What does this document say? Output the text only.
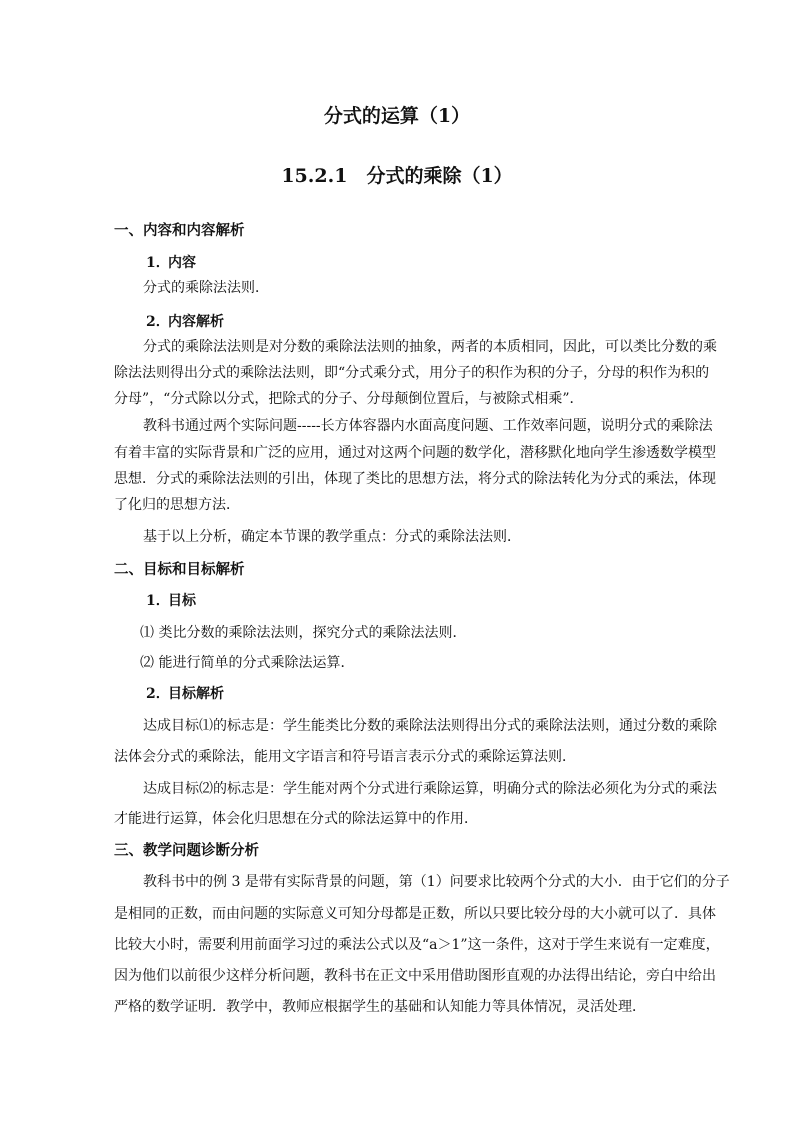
分式的运算（1）
15.2.1　分式的乘除（1）
一、内容和内容解析
1．内容
分式的乘除法法则．
2．内容解析
分式的乘除法法则是对分数的乘除法法则的抽象，两者的本质相同，因此，可以类比分数的乘
除法法则得出分式的乘除法法则，即“分式乘分式，用分子的积作为积的分子，分母的积作为积的
分母”，“分式除以分式，把除式的分子、分母颠倒位置后，与被除式相乘”．
教科书通过两个实际问题-----长方体容器内水面高度问题、工作效率问题，说明分式的乘除法
有着丰富的实际背景和广泛的应用，通过对这两个问题的数学化，潜移默化地向学生渗透数学模型
思想．分式的乘除法法则的引出，体现了类比的思想方法，将分式的除法转化为分式的乘法，体现
了化归的思想方法．
基于以上分析，确定本节课的教学重点：分式的乘除法法则．
二、目标和目标解析
1．目标
⑴ 类比分数的乘除法法则，探究分式的乘除法法则．
⑵ 能进行简单的分式乘除法运算．
2．目标解析
达成目标⑴的标志是：学生能类比分数的乘除法法则得出分式的乘除法法则，通过分数的乘除
法体会分式的乘除法，能用文字语言和符号语言表示分式的乘除运算法则．
达成目标⑵的标志是：学生能对两个分式进行乘除运算，明确分式的除法必须化为分式的乘法
才能进行运算，体会化归思想在分式的除法运算中的作用．
三、教学问题诊断分析
教科书中的例 3 是带有实际背景的问题，第（1）问要求比较两个分式的大小．由于它们的分子
是相同的正数，而由问题的实际意义可知分母都是正数，所以只要比较分母的大小就可以了．具体
比较大小时，需要利用前面学习过的乘法公式以及“a＞1”这一条件，这对于学生来说有一定难度，
因为他们以前很少这样分析问题，教科书在正文中采用借助图形直观的办法得出结论，旁白中给出
严格的数学证明．教学中，教师应根据学生的基础和认知能力等具体情况，灵活处理．
